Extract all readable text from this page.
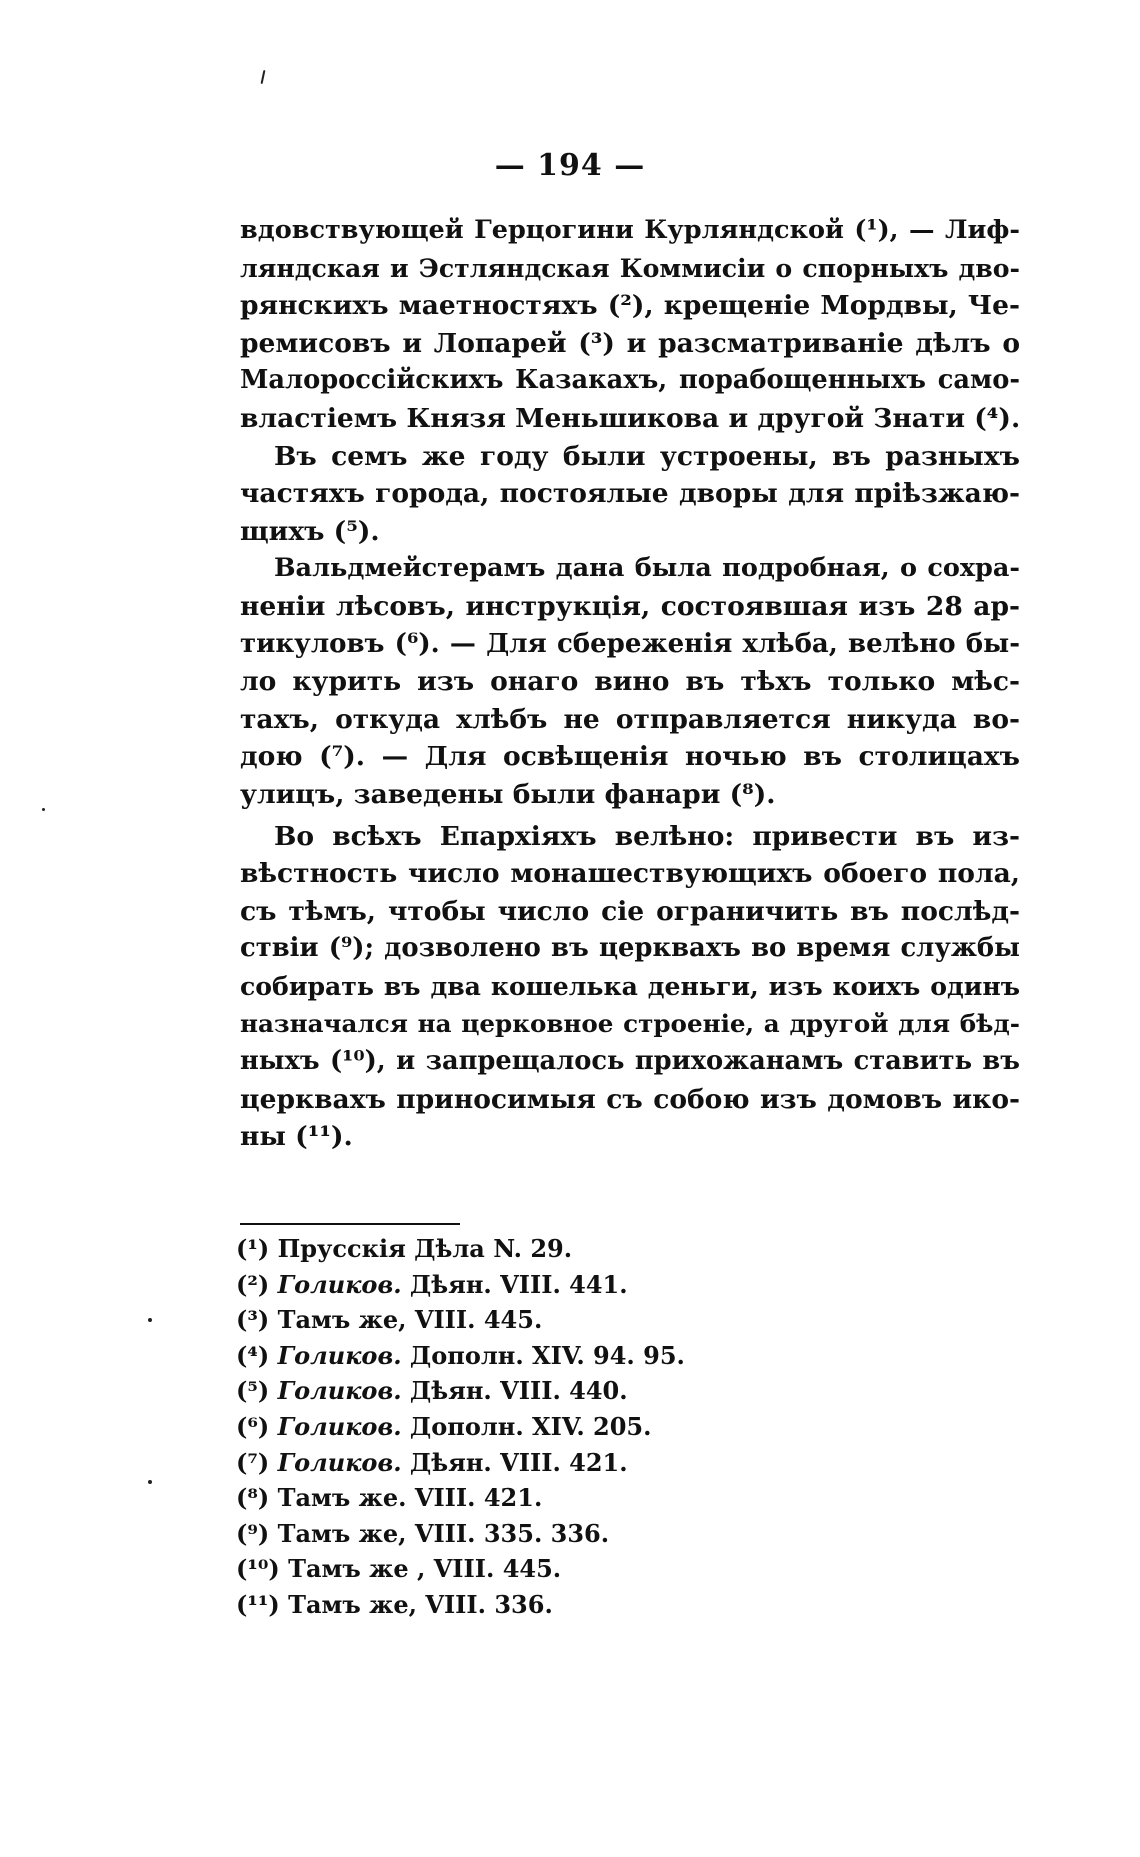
— 194 —
вдовствующей Герцогини Курляндской (¹), — Лиф-
ляндская и Эстляндская Коммисіи о спорныхъ дво-
рянскихъ маетностяхъ (²), крещеніе Мордвы, Че-
ремисовъ и Лопарей (³) и разсматриваніе дѣлъ о
Малороссійскихъ Казакахъ, порабощенныхъ само-
властіемъ Князя Меньшикова и другой Знати (⁴).
Въ семъ же году были устроены, въ разныхъ
частяхъ города, постоялые дворы для пріѣзжаю-
щихъ (⁵).
Вальдмейстерамъ дана была подробная, о сохра-
неніи лѣсовъ, инструкція, состоявшая изъ 28 ар-
тикуловъ (⁶). — Для сбереженія хлѣба, велѣно бы-
ло курить изъ онаго вино въ тѣхъ только мѣс-
тахъ, откуда хлѣбъ не отправляется никуда во-
дою (⁷). — Для освѣщенія ночью въ столицахъ
улицъ, заведены были фанари (⁸).
Во всѣхъ Епархіяхъ велѣно: привести въ из-
вѣстность число монашествующихъ обоего пола,
съ тѣмъ, чтобы число сіе ограничить въ послѣд-
ствіи (⁹); дозволено въ церквахъ во время службы
собирать въ два кошелька деньги, изъ коихъ одинъ
назначался на церковное строеніе, а другой для бѣд-
ныхъ (¹⁰), и запрещалось прихожанамъ ставить въ
церквахъ приносимыя съ собою изъ домовъ ико-
ны (¹¹).
(¹) Прусскія Дѣла N. 29.
(²) Голиков. Дѣян. VIII. 441.
(³) Тамъ же, VIII. 445.
(⁴) Голиков. Дополн. XIV. 94. 95.
(⁵) Голиков. Дѣян. VIII. 440.
(⁶) Голиков. Дополн. XIV. 205.
(⁷) Голиков. Дѣян. VIII. 421.
(⁸) Тамъ же. VIII. 421.
(⁹) Тамъ же, VIII. 335. 336.
(¹⁰) Тамъ же , VIII. 445.
(¹¹) Тамъ же, VIII. 336.
